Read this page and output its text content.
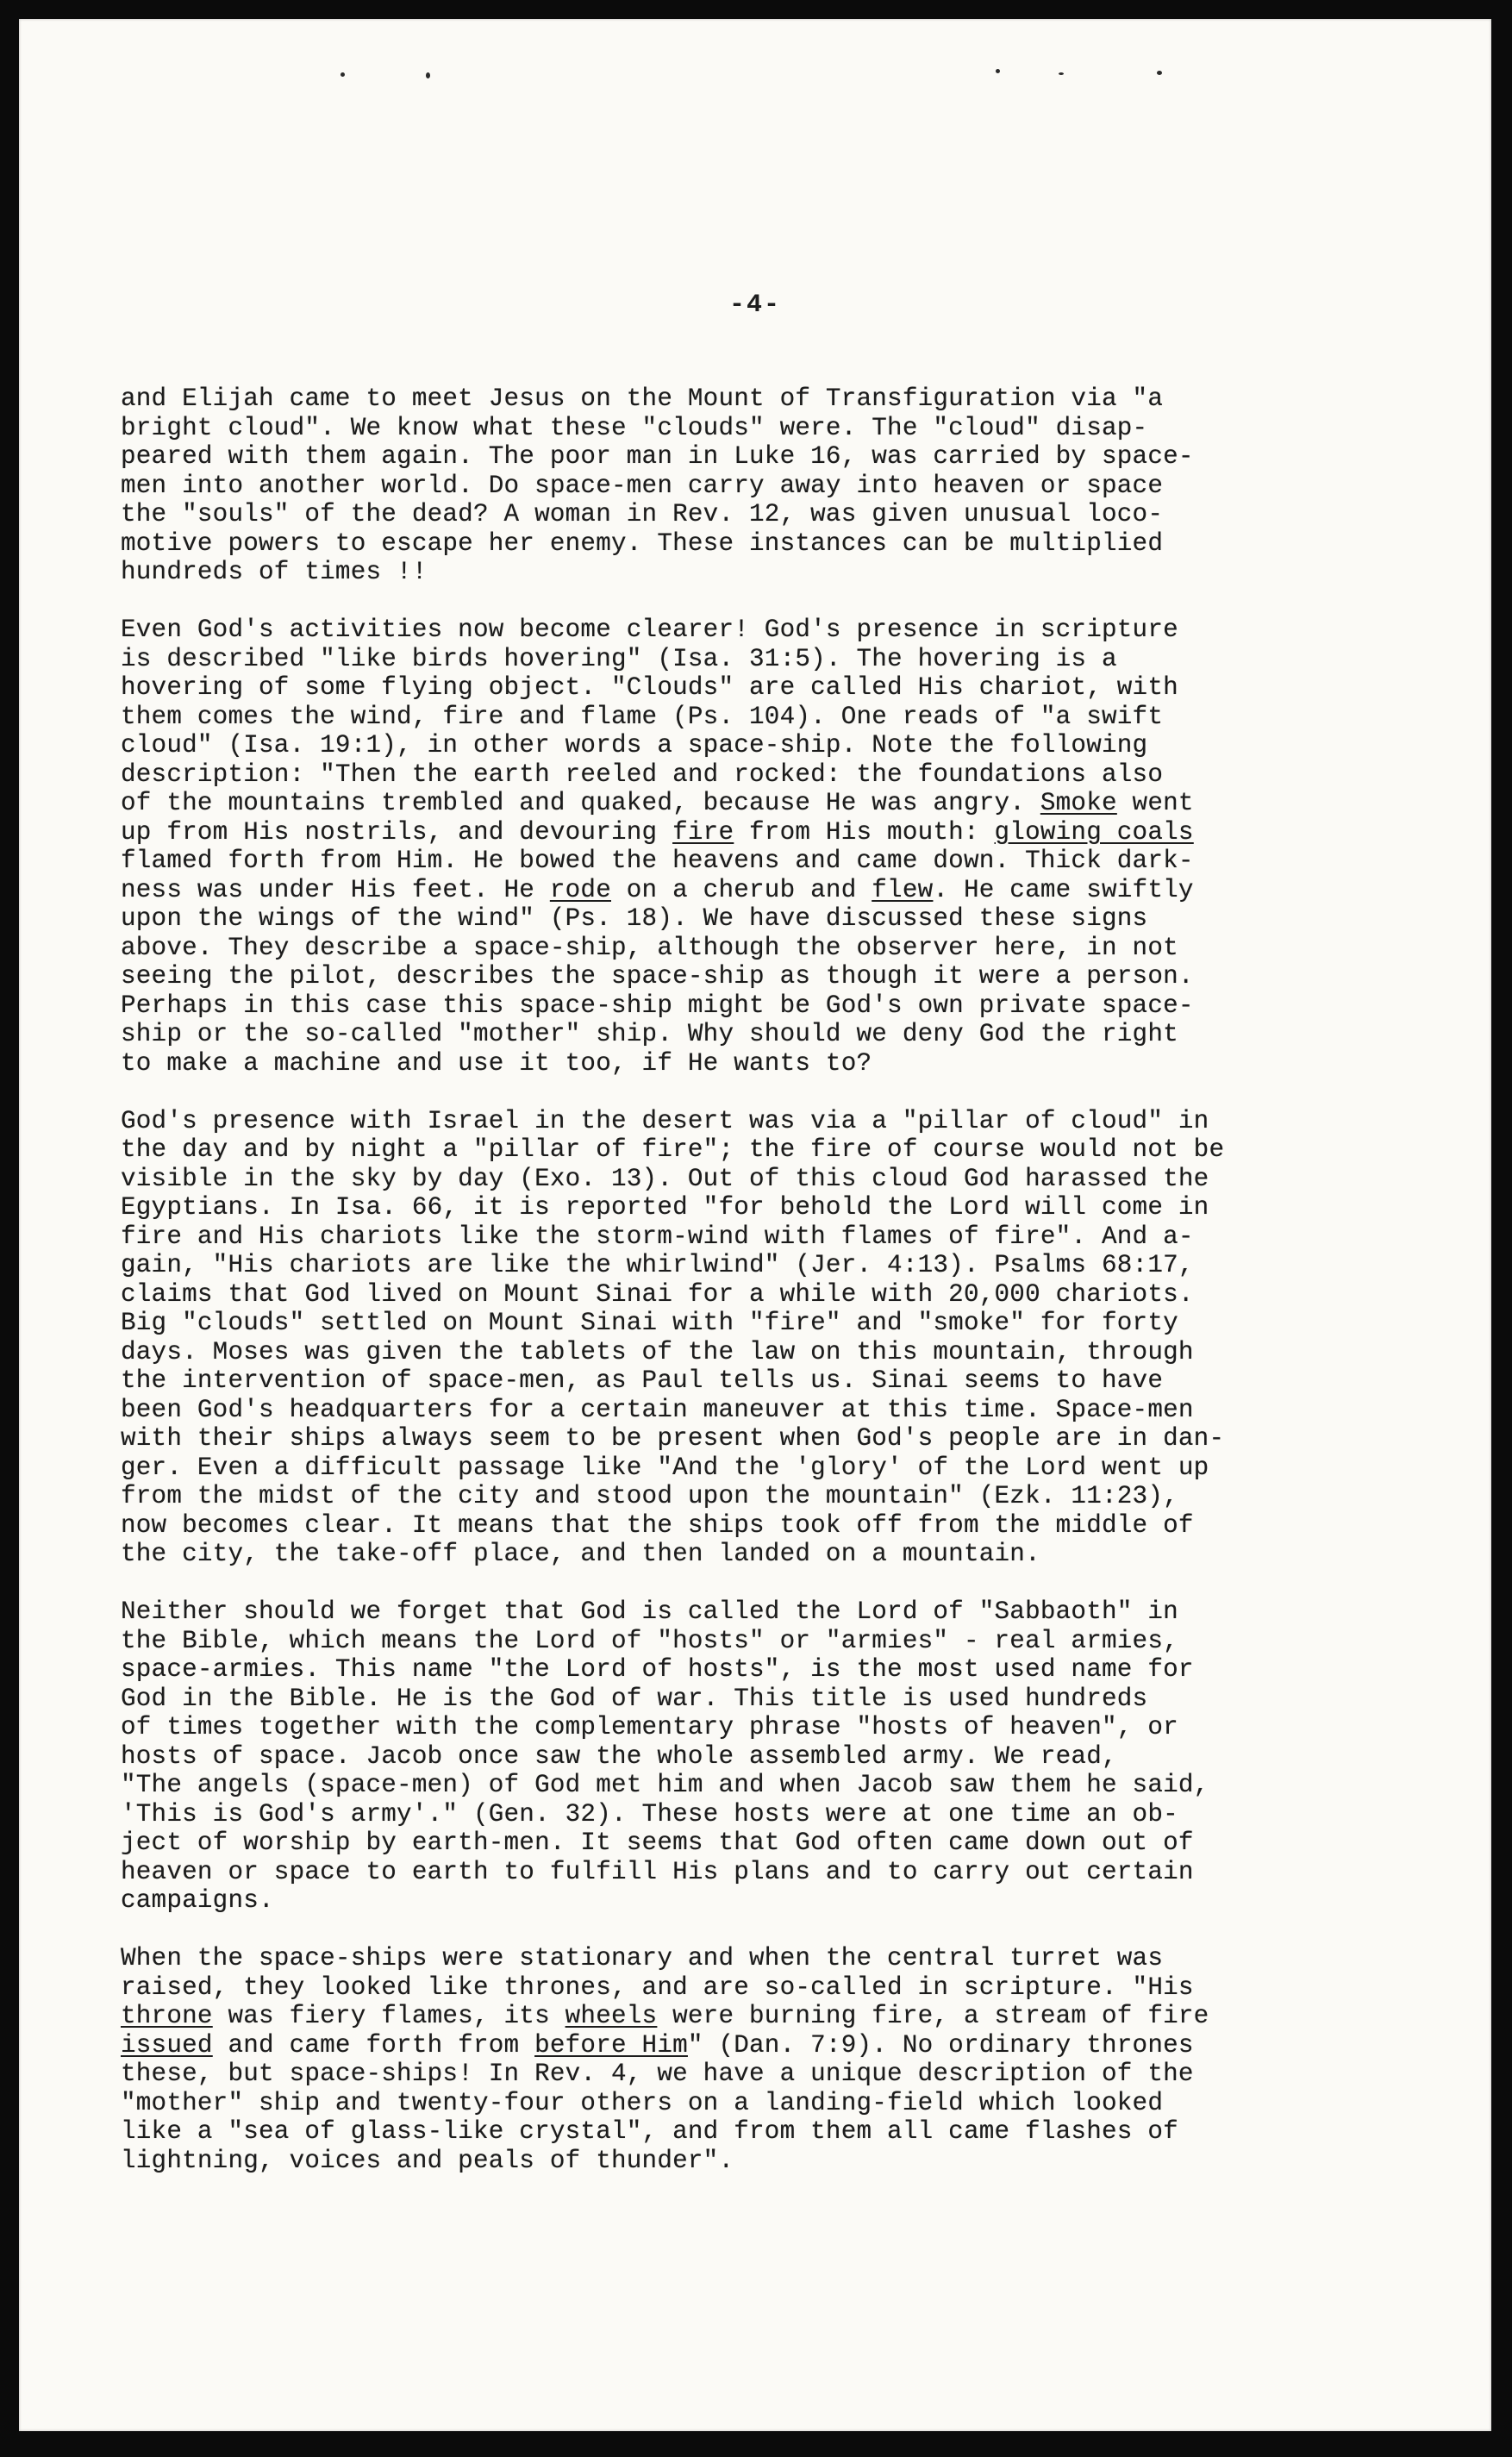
-4-
and Elijah came to meet Jesus on the Mount of Transfiguration via "a
bright cloud". We know what these "clouds" were. The "cloud" disap-
peared with them again. The poor man in Luke 16, was carried by space-
men into another world. Do space-men carry away into heaven or space
the "souls" of the dead? A woman in Rev. 12, was given unusual loco-
motive powers to escape her enemy. These instances can be multiplied
hundreds of times !!
Even God's activities now become clearer! God's presence in scripture
is described "like birds hovering" (Isa. 31:5). The hovering is a
hovering of some flying object. "Clouds" are called His chariot, with
them comes the wind, fire and flame (Ps. 104). One reads of "a swift
cloud" (Isa. 19:1), in other words a space-ship. Note the following
description: "Then the earth reeled and rocked: the foundations also
of the mountains trembled and quaked, because He was angry. Smoke went
up from His nostrils, and devouring fire from His mouth: glowing coals
flamed forth from Him. He bowed the heavens and came down. Thick dark-
ness was under His feet. He rode on a cherub and flew. He came swiftly
upon the wings of the wind" (Ps. 18). We have discussed these signs
above. They describe a space-ship, although the observer here, in not
seeing the pilot, describes the space-ship as though it were a person.
Perhaps in this case this space-ship might be God's own private space-
ship or the so-called "mother" ship. Why should we deny God the right
to make a machine and use it too, if He wants to?
God's presence with Israel in the desert was via a "pillar of cloud" in
the day and by night a "pillar of fire"; the fire of course would not be
visible in the sky by day (Exo. 13). Out of this cloud God harassed the
Egyptians. In Isa. 66, it is reported "for behold the Lord will come in
fire and His chariots like the storm-wind with flames of fire". And a-
gain, "His chariots are like the whirlwind" (Jer. 4:13). Psalms 68:17,
claims that God lived on Mount Sinai for a while with 20,000 chariots.
Big "clouds" settled on Mount Sinai with "fire" and "smoke" for forty
days. Moses was given the tablets of the law on this mountain, through
the intervention of space-men, as Paul tells us. Sinai seems to have
been God's headquarters for a certain maneuver at this time. Space-men
with their ships always seem to be present when God's people are in dan-
ger. Even a difficult passage like "And the 'glory' of the Lord went up
from the midst of the city and stood upon the mountain" (Ezk. 11:23),
now becomes clear. It means that the ships took off from the middle of
the city, the take-off place, and then landed on a mountain.
Neither should we forget that God is called the Lord of "Sabbaoth" in
the Bible, which means the Lord of "hosts" or "armies" - real armies,
space-armies. This name "the Lord of hosts", is the most used name for
God in the Bible. He is the God of war. This title is used hundreds
of times together with the complementary phrase "hosts of heaven", or
hosts of space. Jacob once saw the whole assembled army. We read,
"The angels (space-men) of God met him and when Jacob saw them he said,
'This is God's army'." (Gen. 32). These hosts were at one time an ob-
ject of worship by earth-men. It seems that God often came down out of
heaven or space to earth to fulfill His plans and to carry out certain
campaigns.
When the space-ships were stationary and when the central turret was
raised, they looked like thrones, and are so-called in scripture. "His
throne was fiery flames, its wheels were burning fire, a stream of fire
issued and came forth from before Him" (Dan. 7:9). No ordinary thrones
these, but space-ships! In Rev. 4, we have a unique description of the
"mother" ship and twenty-four others on a landing-field which looked
like a "sea of glass-like crystal", and from them all came flashes of
lightning, voices and peals of thunder".
